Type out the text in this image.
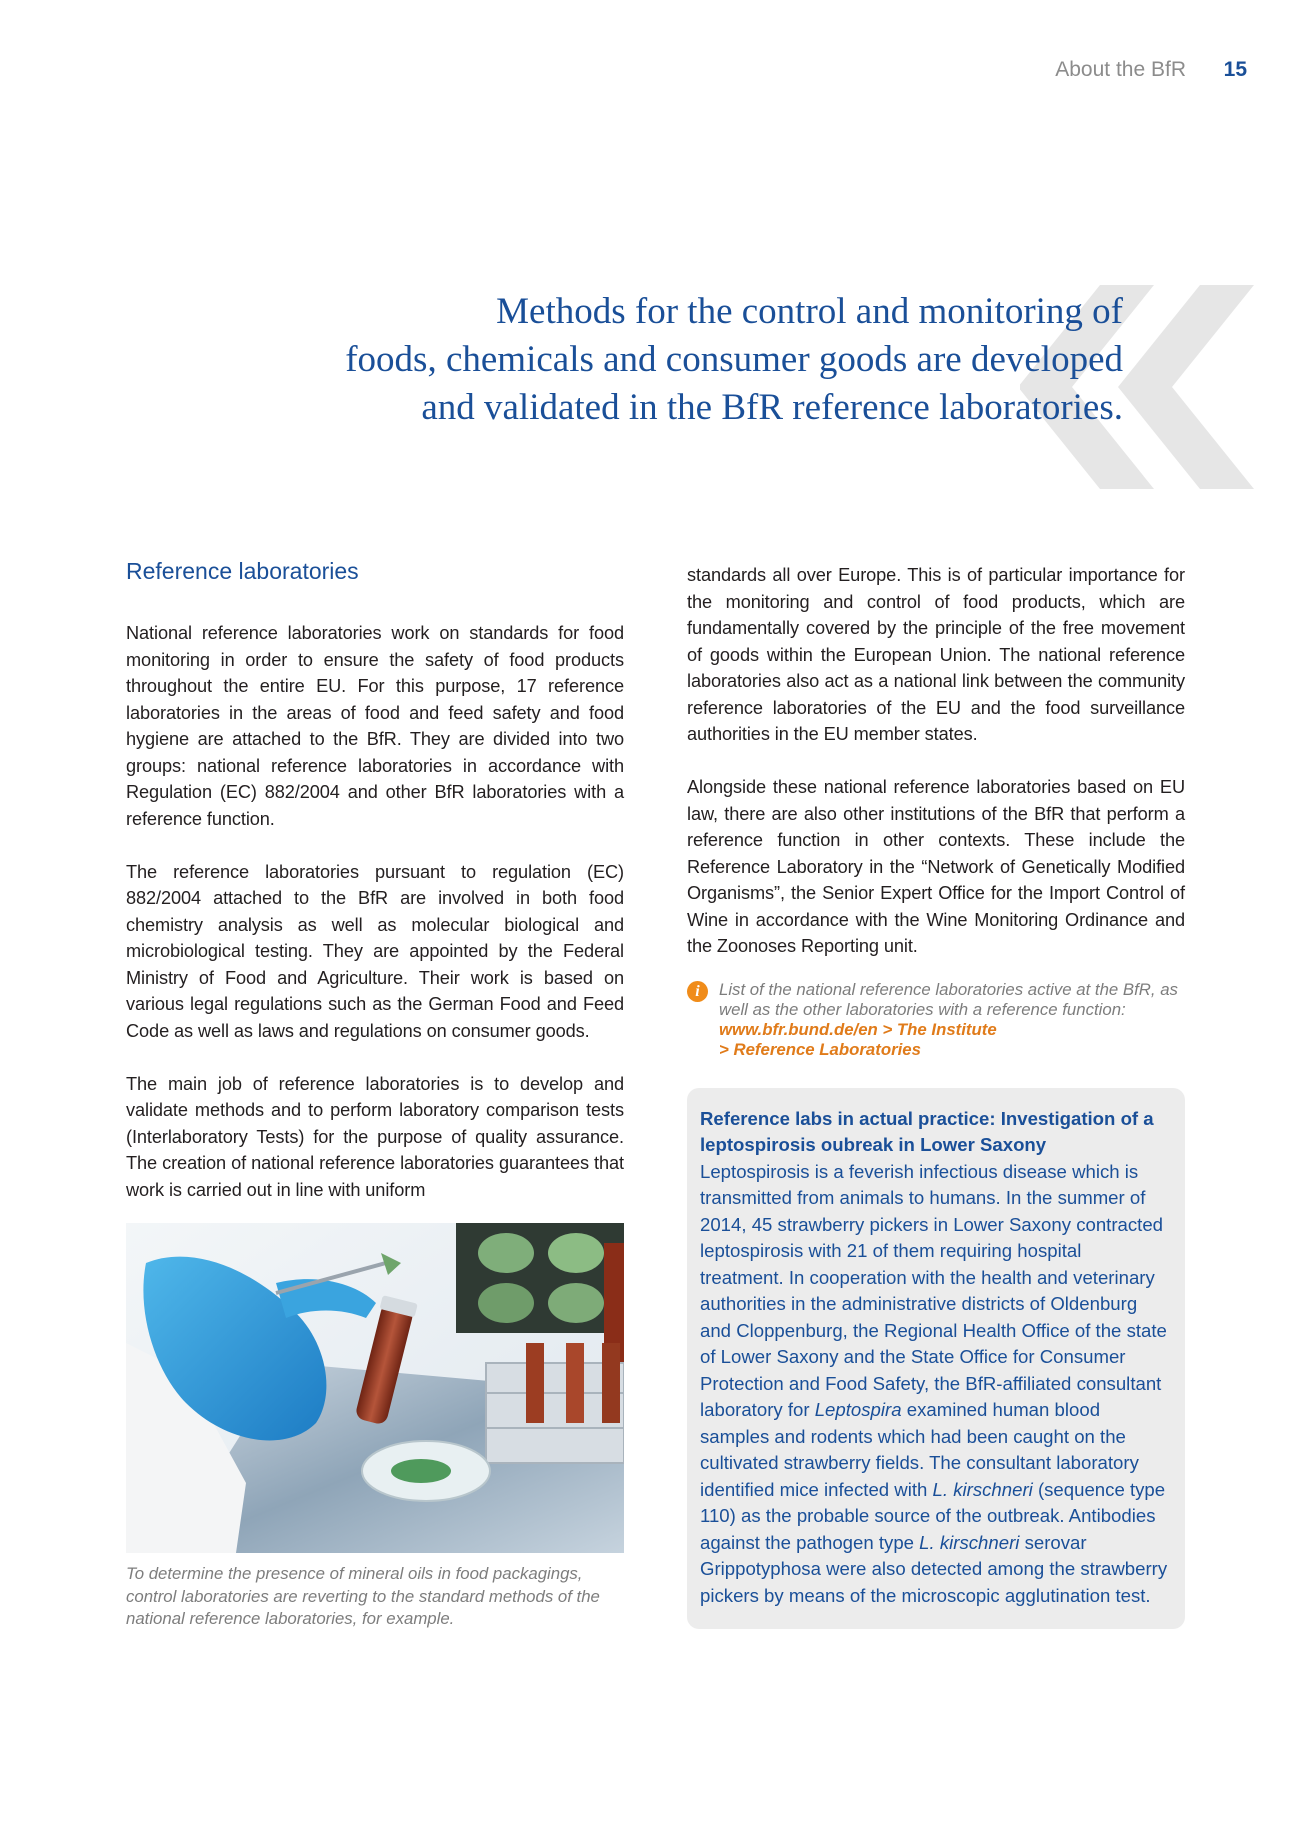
About the BfR 15
Methods for the control and monitoring of
foods, chemicals and consumer goods are developed
and validated in the BfR reference laboratories.
Reference laboratories

National reference laboratories work on standards for food monitoring in order to ensure the safety of food products throughout the entire EU. For this purpose, 17 reference laboratories in the areas of food and feed safety and food hygiene are attached to the BfR. They are divided into two groups: national reference laboratories in accordance with Regulation (EC) 882/2004 and other BfR laboratories with a reference function.

The reference laboratories pursuant to regulation (EC) 882/2004 attached to the BfR are involved in both food chemistry analysis as well as molecular biological and microbiological testing. They are appointed by the Federal Ministry of Food and Agriculture. Their work is based on various legal regulations such as the German Food and Feed Code as well as laws and regulations on consumer goods.

The main job of reference laboratories is to develop and validate methods and to perform laboratory comparison tests (Interlaboratory Tests) for the purpose of quality assurance. The creation of national reference laboratories guarantees that work is carried out in line with uniform

To determine the presence of mineral oils in food packagings, control laboratories are reverting to the standard methods of the national reference laboratories, for example.

standards all over Europe. This is of particular importance for the monitoring and control of food products, which are fundamentally covered by the principle of the free movement of goods within the European Union. The national reference laboratories also act as a national link between the community reference laboratories of the EU and the food surveillance authorities in the EU member states.

Alongside these national reference laboratories based on EU law, there are also other institutions of the BfR that perform a reference function in other contexts. These include the Reference Laboratory in the “Network of Genetically Modified Organisms”, the Senior Expert Office for the Import Control of Wine in accordance with the Wine Monitoring Ordinance and the Zoonoses Reporting unit.

i	List of the national reference laboratories active at the BfR, as well as the other laboratories with a reference function:
www.bfr.bund.de/en > The Institute
> Reference Laboratories

Reference labs in actual practice: Investigation of a leptospirosis oubreak in Lower Saxony

Leptospirosis is a feverish infectious disease which is transmitted from animals to humans. In the summer of 2014, 45 strawberry pickers in Lower Saxony contracted leptospirosis with 21 of them requiring hospital treatment. In cooperation with the health and veterinary authorities in the administrative districts of Oldenburg and Cloppenburg, the Regional Health Office of the state of Lower Saxony and the State Office for Consumer Protection and Food Safety, the BfR-affiliated consultant laboratory for Leptospira examined human blood samples and rodents which had been caught on the cultivated strawberry fields. The consultant laboratory identified mice infected with L. kirschneri (sequence type 110) as the probable source of the outbreak. Antibodies against the pathogen type L. kirschneri serovar Grippotyphosa were also detected among the strawberry pickers by means of the microscopic agglutination test.
